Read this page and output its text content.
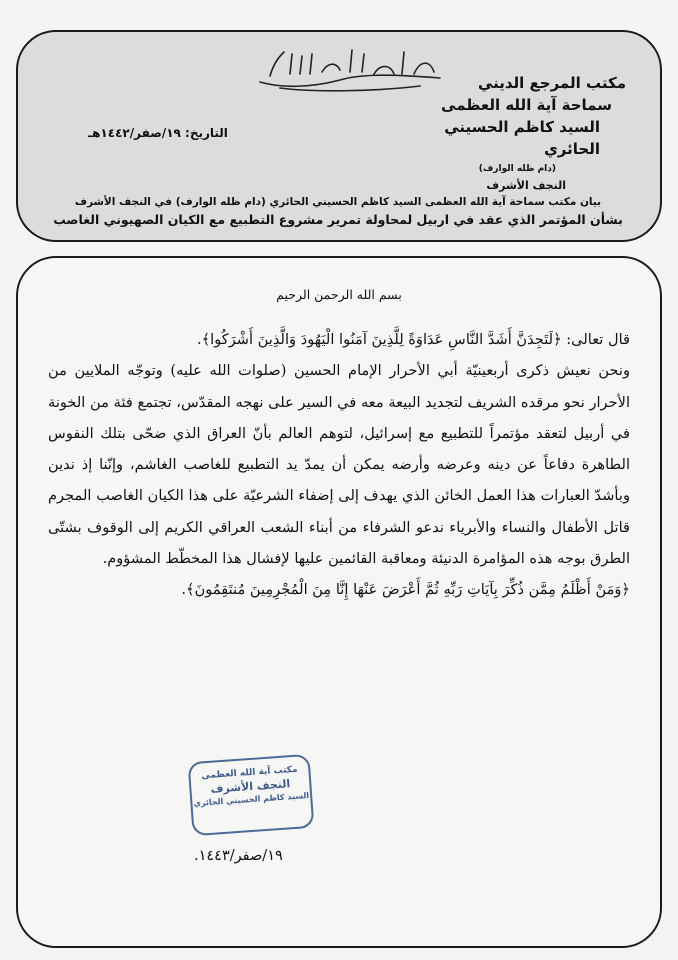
مكتب المرجع الديني
سماحة آية الله العظمى
السيد كاظم الحسيني الحائري
(دام ظله الوارف)
النجف الأشرف
التاريخ: ١٩/صفر/١٤٤٢هـ
بيان مكتب سماحة آية الله العظمى السيد كاظم الحسيني الحائري (دام ظله الوارف) في النجف الأشرف
بشأن المؤتمر الذي عقد في اربيل لمحاولة تمرير مشروع التطبيع مع الكيان الصهيوني الغاصب
بسم الله الرحمن الرحيم

قال تعالى: ﴿لَتَجِدَنَّ أَشَدَّ النَّاسِ عَدَاوَةً لِلَّذِينَ آمَنُوا الْيَهُودَ وَالَّذِينَ أَشْرَكُوا﴾.

ونحن نعيش ذكرى أربعينيّة أبي الأحرار الإمام الحسين (صلوات الله عليه) وتوجّه الملايين من الأحرار نحو مرقده الشريف لتجديد البيعة معه في السير على نهجه المقدّس، تجتمع فئة من الخونة في أربيل لتعقد مؤتمراً للتطبيع مع إسرائيل، لتوهم العالم بأنّ العراق الذي ضحّى بتلك النفوس الطاهرة دفاعاً عن دينه وعرضه وأرضه يمكن أن يمدّ يد التطبيع للغاصب الغاشم، وإنّنا إذ ندين وبأشدّ العبارات هذا العمل الخائن الذي يهدف إلى إضفاء الشرعيّة على هذا الكيان الغاصب المجرم قاتل الأطفال والنساء والأبرياء ندعو الشرفاء من أبناء الشعب العراقي الكريم إلى الوقوف بشتّى الطرق بوجه هذه المؤامرة الدنيئة ومعاقبة القائمين عليها لإفشال هذا المخطّط المشؤوم.

﴿وَمَنْ أَظْلَمُ مِمَّن ذُكِّرَ بِآيَاتِ رَبِّهِ ثُمَّ أَعْرَضَ عَنْهَا إِنَّا مِنَ الْمُجْرِمِينَ مُنتَقِمُونَ﴾.

مكتب آية الله العظمى
النجف الأشرف
السيد كاظم الحسيني الحائري
١٩/صفر/١٤٤٣.
